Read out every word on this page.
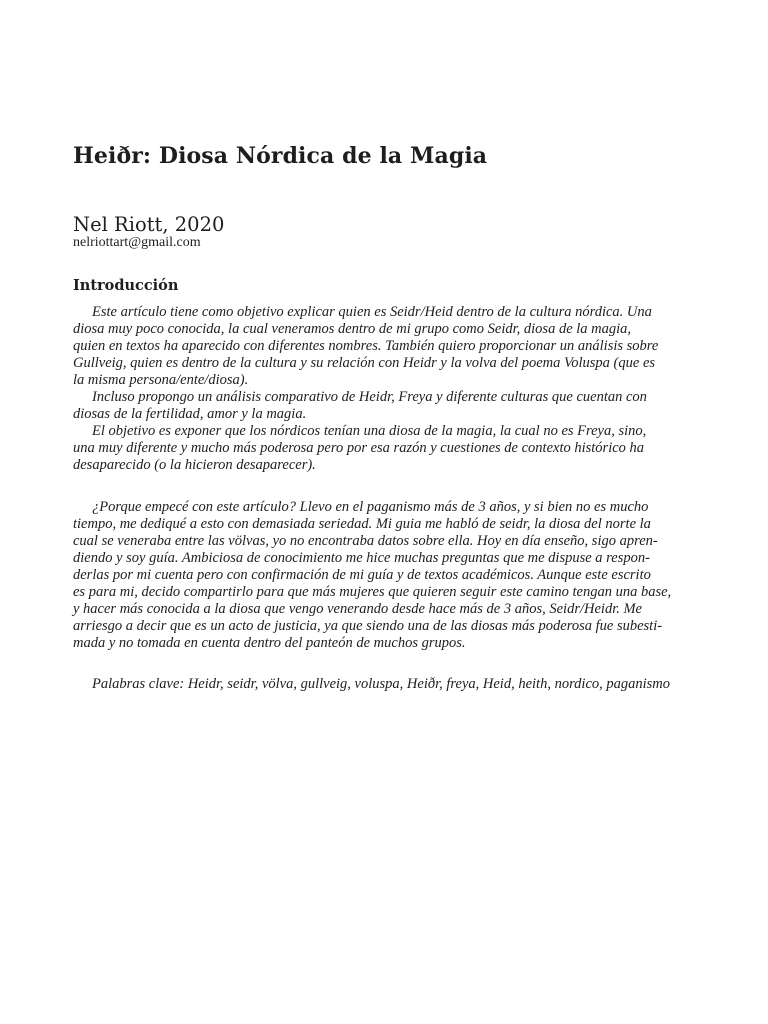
Heiðr: Diosa Nórdica de la Magia
Nel Riott, 2020
nelriottart@gmail.com
Introducción
Este artículo tiene como objetivo explicar quien es Seidr/Heid dentro de la cultura nórdica. Una
diosa muy poco conocida, la cual veneramos dentro de mi grupo como Seidr, diosa de la magia,
quien en textos ha aparecido con diferentes nombres. También quiero proporcionar un análisis sobre
Gullveig, quien es dentro de la cultura y su relación con Heidr y la volva del poema Voluspa (que es
la misma persona/ente/diosa).
Incluso propongo un análisis comparativo de Heidr, Freya y diferente culturas que cuentan con
diosas de la fertilidad, amor y la magia.
El objetivo es exponer que los nórdicos tenían una diosa de la magia, la cual no es Freya, sino,
una muy diferente y mucho más poderosa pero por esa razón y cuestiones de contexto histórico ha
desaparecido (o la hicieron desaparecer).
¿Porque empecé con este artículo? Llevo en el paganismo más de 3 años, y si bien no es mucho
tiempo, me dediqué a esto con demasiada seriedad. Mi guia me habló de seidr, la diosa del norte la
cual se veneraba entre las völvas, yo no encontraba datos sobre ella. Hoy en día enseño, sigo apren-
diendo y soy guía. Ambiciosa de conocimiento me hice muchas preguntas que me dispuse a respon-
derlas por mi cuenta pero con confirmación de mi guía y de textos académicos. Aunque este escrito
es para mi, decido compartirlo para que más mujeres que quieren seguir este camino tengan una base,
y hacer más conocida a la diosa que vengo venerando desde hace más de 3 años, Seidr/Heidr. Me
arriesgo a decir que es un acto de justicia, ya que siendo una de las diosas más poderosa fue subesti-
mada y no tomada en cuenta dentro del panteón de muchos grupos.
Palabras clave: Heidr, seidr, völva, gullveig, voluspa, Heiðr, freya, Heid, heith, nordico, paganismo
